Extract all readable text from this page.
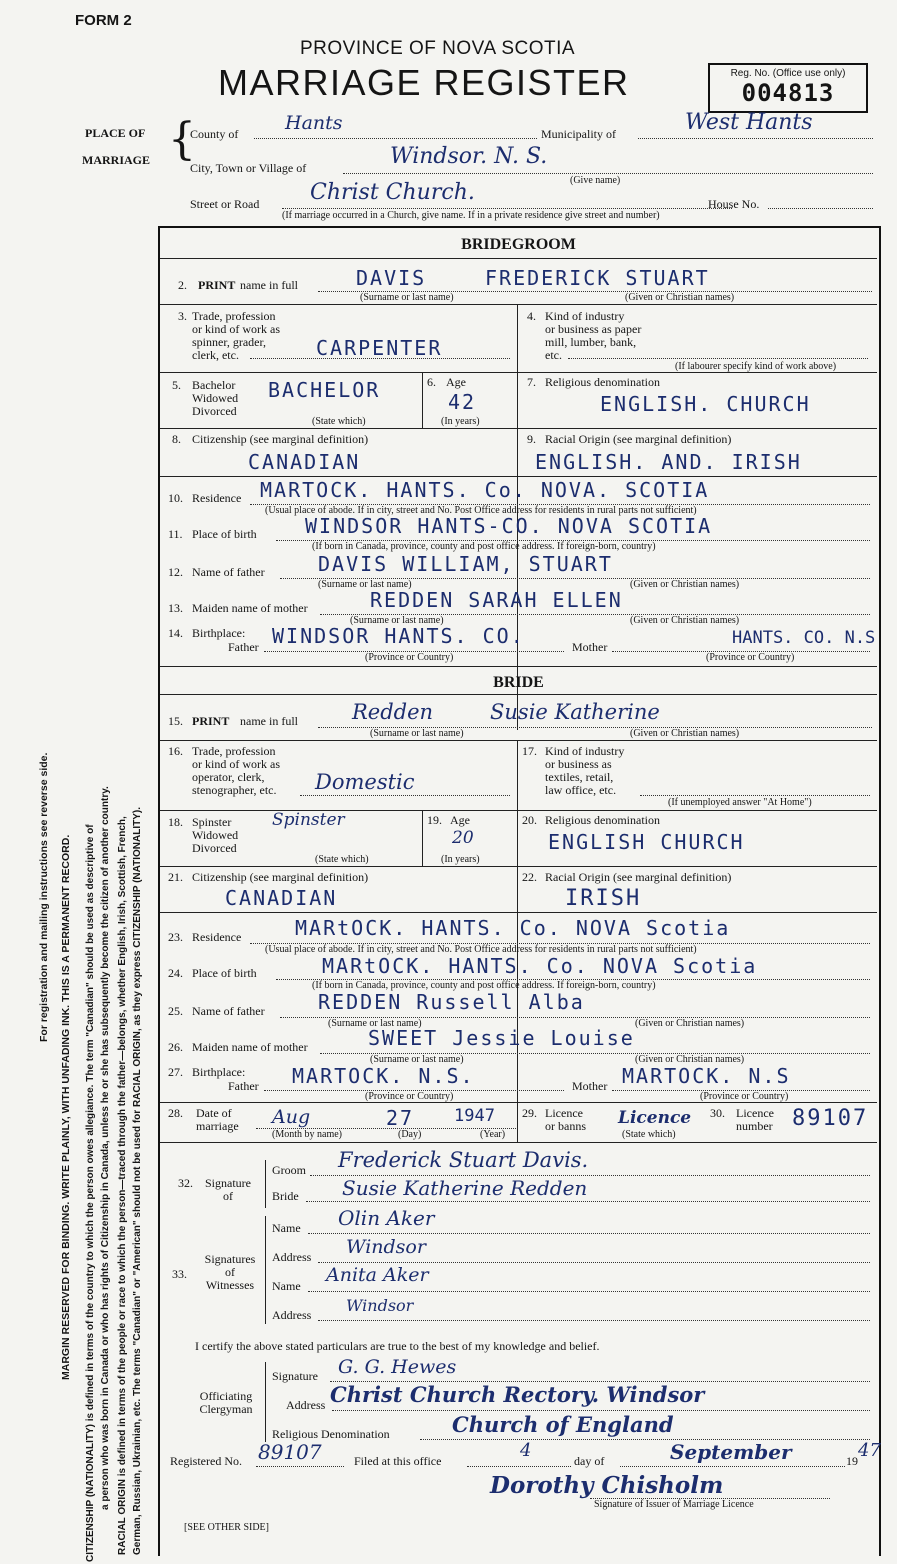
For registration and mailing instructions see reverse side. MARGIN RESERVED FOR BINDING. WRITE PLAINLY, WITH UNFADING INK. THIS IS A PERMANENT RECORD. CITIZENSHIP (NATIONALITY) is defined in terms of the country to which the person owes allegiance. The term "Canadian" should be used as descriptive of a person who was born in Canada or who has rights of Citizenship in Canada, unless he or she has subsequently become the citizen of another country. RACIAL ORIGIN is defined in terms of the people or race to which the person—traced through the father—belongs, whether English, Irish, Scottish, French, German, Russian, Ukrainian, etc. The terms "Canadian" or "American" should not be used for RACIAL ORIGIN, as they express CITIZENSHIP (NATIONALITY).
FORM 2
PROVINCE OF NOVA SCOTIA
MARRIAGE REGISTER	Reg. No. (Office use only)
004813
PLACE OF
MARRIAGE {
County of Hants	Municipality of	West Hants
City, Town or Village of	Windsor. N. S.
(Give name)
Street or Road Christ Church.	House No.
(If marriage occurred in a Church, give name. If in a private residence give street and number)
BRIDEGROOM
2. PRINT name in full	DAVIS	FREDERICK STUART
(Surname or last name)	(Given or Christian names)
3. Trade, profession
or kind of work as
spinner, grader,
clerk, etc.	CARPENTER
4. Kind of industry
or business as paper
mill, lumber, bank,
etc.
(If labourer specify kind of work above)
5. Bachelor
Widowed
Divorced
BACHELOR
(State which)
6. Age
42
(In years)
7. Religious denomination
ENGLISH. CHURCH
8. Citizenship (see marginal definition)
CANADIAN
9. Racial Origin (see marginal definition)
ENGLISH. AND. IRISH
10. Residence MARTOCK. HANTS. Co. NOVA. SCOTIA
(Usual place of abode. If in city, street and No. Post Office address for residents in rural parts not sufficient)
11. Place of birth WINDSOR HANTS-CO. NOVA SCOTIA
(If born in Canada, province, county and post office address. If foreign-born, country)
12. Name of father	DAVIS WILLIAM, STUART
(Surname or last name)	(Given or Christian names)
13. Maiden name of mother	REDDEN SARAH ELLEN
(Surname or last name)	(Given or Christian names)
14. Birthplace:
Father WINDSOR HANTS. CO.	Mother	HANTS. CO. N.S
(Province or Country)	(Province or Country)
BRIDE
15. PRINT name in full	Redden	Susie Katherine
(Surname or last name)	(Given or Christian names)
16. Trade, profession
or kind of work as
operator, clerk,
stenographer, etc. Domestic
17. Kind of industry
or business as
textiles, retail,
law office, etc.
(If unemployed answer "At Home")
18. Spinster
Widowed
Divorced
Spinster
(State which)
19. Age
20
(In years)
20. Religious denomination
ENGLISH CHURCH
21. Citizenship (see marginal definition)
CANADIAN
22. Racial Origin (see marginal definition)
IRISH
23. Residence	MARtOCK. HANTS. Co. NOVA Scotia
(Usual place of abode. If in city, street and No. Post Office address for residents in rural parts not sufficient)
24. Place of birth	MARtOCK. HANTS. Co. NOVA Scotia
(If born in Canada, province, county and post office address. If foreign-born, country)
25. Name of father	REDDEN Russell Alba
(Surname or last name)	(Given or Christian names)
26. Maiden name of mother	SWEET Jessie Louise
(Surname or last name)	(Given or Christian names)
27. Birthplace:
Father MARTOCK. N.S.	Mother MARTOCK. N.S
(Province or Country)	(Province or Country)
28. Date of
marriage Aug	27 1947
(Month by name)	(Day)	(Year)
29. Licence
or banns Licence
(State which)
30. Licence
number 89107
32.	Signature
of
Groom Frederick Stuart Davis.
Bride Susie Katherine Redden
33.
Signatures
of
Witnesses
Name Olin Aker
Address Windsor
Name Anita Aker
Address Windsor
I certify the above stated particulars are true to the best of my knowledge and belief.
Officiating
Clergyman
Signature G. G. Hewes
Address Christ Church Rectory. Windsor
Religious Denomination	Church of England
Registered No. 89107	Filed at this office	4	day of	September	19 47
Dorothy Chisholm
Signature of Issuer of Marriage Licence
[SEE OTHER SIDE]
